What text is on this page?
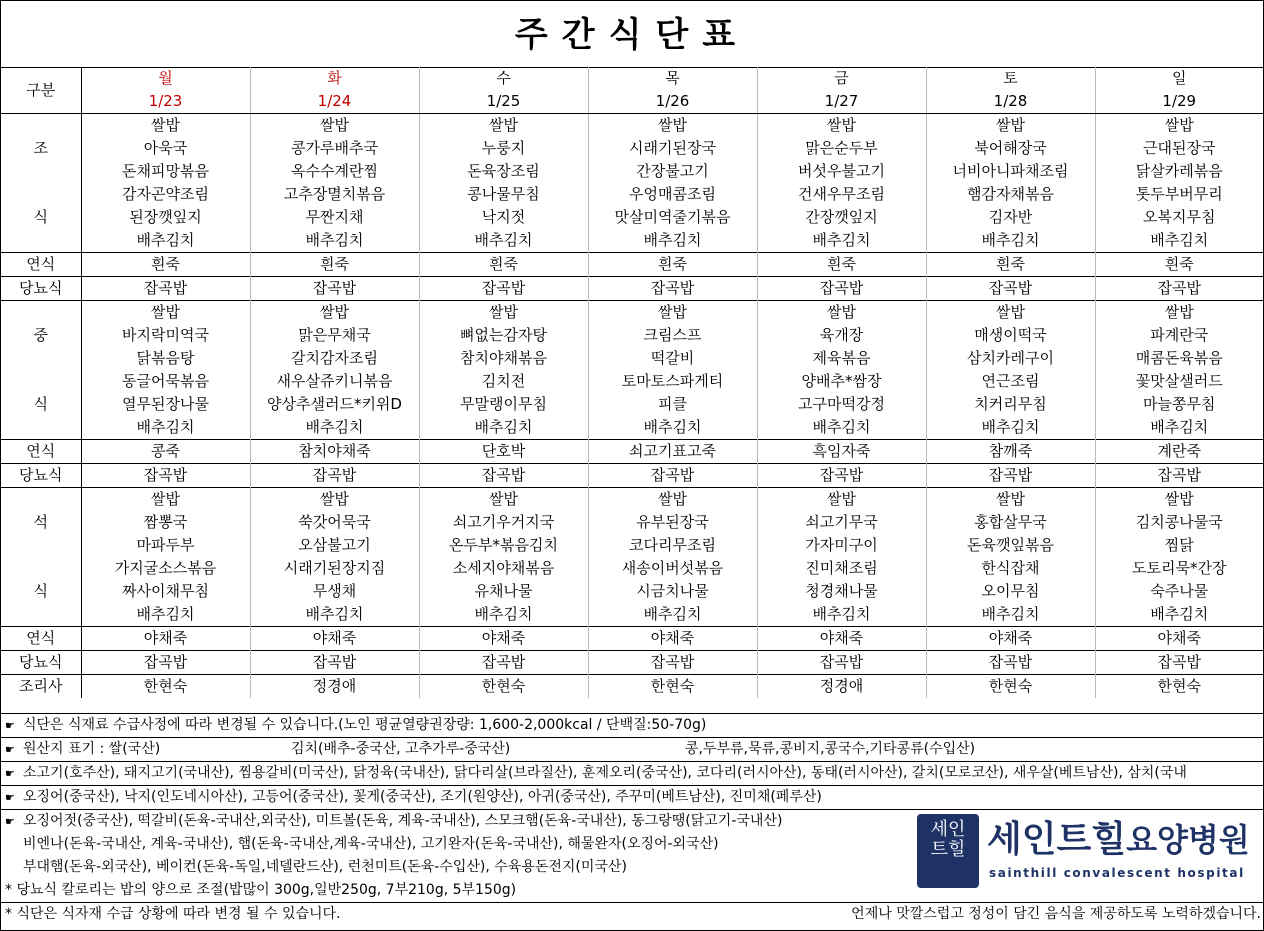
주간식단표
구분	월	화	수	목	금	토	일
	1/23	1/24	1/25	1/26	1/27	1/28	1/29
	쌀밥	쌀밥	쌀밥	쌀밥	쌀밥	쌀밥	쌀밥
조	아욱국	콩가루배추국	누룽지	시래기된장국	맑은순두부	북어해장국	근대된장국
	돈채피망볶음	옥수수계란찜	돈육장조림	간장불고기	버섯우불고기	너비아니파채조림	닭살카레볶음
	감자곤약조림	고추장멸치볶음	콩나물무침	우엉매콤조림	건새우무조림	햄감자채볶음	톳두부버무리
식	된장깻잎지	무짠지채	낙지젓	맛살미역줄기볶음	간장깻잎지	김자반	오복지무침
	배추김치	배추김치	배추김치	배추김치	배추김치	배추김치	배추김치
연식	흰죽	흰죽	흰죽	흰죽	흰죽	흰죽	흰죽
당뇨식	잡곡밥	잡곡밥	잡곡밥	잡곡밥	잡곡밥	잡곡밥	잡곡밥
	쌀밥	쌀밥	쌀밥	쌀밥	쌀밥	쌀밥	쌀밥
중	바지락미역국	맑은무채국	뼈없는감자탕	크림스프	육개장	매생이떡국	파계란국
	닭볶음탕	갈치감자조림	참치야채볶음	떡갈비	제육볶음	삼치카레구이	매콤돈육볶음
	동글어묵볶음	새우살쥬키니볶음	김치전	토마토스파게티	양배추*쌈장	연근조림	꽃맛살샐러드
식	열무된장나물	양상추샐러드*키위D	무말랭이무침	피클	고구마떡강정	치커리무침	마늘쫑무침
	배추김치	배추김치	배추김치	배추김치	배추김치	배추김치	배추김치
연식	콩죽	참치야채죽	단호박	쇠고기표고죽	흑임자죽	참깨죽	계란죽
당뇨식	잡곡밥	잡곡밥	잡곡밥	잡곡밥	잡곡밥	잡곡밥	잡곡밥
	쌀밥	쌀밥	쌀밥	쌀밥	쌀밥	쌀밥	쌀밥
석	짬뽕국	쑥갓어묵국	쇠고기우거지국	유부된장국	쇠고기무국	홍합살무국	김치콩나물국
	마파두부	오삼불고기	온두부*볶음김치	코다리무조림	가자미구이	돈육깻잎볶음	찜닭
	가지굴소스볶음	시래기된장지짐	소세지야채볶음	새송이버섯볶음	진미채조림	한식잡채	도토리묵*간장
식	짜사이채무침	무생채	유채나물	시금치나물	청경채나물	오이무침	숙주나물
	배추김치	배추김치	배추김치	배추김치	배추김치	배추김치	배추김치
연식	야채죽	야채죽	야채죽	야채죽	야채죽	야채죽	야채죽
당뇨식	잡곡밥	잡곡밥	잡곡밥	잡곡밥	잡곡밥	잡곡밥	잡곡밥
조리사	한현숙	정경애	한현숙	한현숙	정경애	한현숙	한현숙
☛ 식단은 식재료 수급사정에 따라 변경될 수 있습니다.(노인 평균열량권장량: 1,600-2,000kcal / 단백질:50-70g)
☛ 원산지 표기 : 쌀(국산)	김치(배추-중국산, 고추가루-중국산)	콩,두부류,묵류,콩비지,콩국수,기타콩류(수입산)
☛ 소고기(호주산), 돼지고기(국내산), 찜용갈비(미국산), 닭정육(국내산), 닭다리살(브라질산), 훈제오리(중국산), 코다리(러시아산), 동태(러시아산), 갈치(모로코산), 새우살(베트남산), 삼치(국내
☛ 오징어(중국산), 낙지(인도네시아산), 고등어(중국산), 꽃게(중국산), 조기(원양산), 아귀(중국산), 주꾸미(베트남산), 진미채(페루산)
☛ 오징어젓(중국산), 떡갈비(돈육-국내산,외국산), 미트볼(돈육, 계육-국내산), 스모크햄(돈육-국내산), 동그랑땡(닭고기-국내산)
비엔나(돈육-국내산, 계육-국내산), 햄(돈육-국내산,계육-국내산), 고기완자(돈육-국내산), 해물완자(오징어-외국산)
부대햄(돈육-외국산), 베이컨(돈육-독일,네델란드산), 런천미트(돈육-수입산), 수육용돈전지(미국산)
* 당뇨식 칼로리는 밥의 양으로 조절(밥많이 300g,일반250g, 7부210g, 5부150g)
* 식단은 식자재 수급 상황에 따라 변경 될 수 있습니다.	언제나 맛깔스럽고 정성이 담긴 음식을 제공하도록 노력하겠습니다.
세인
트힐 세인트힐요양병원
sainthill convalescent hospital
